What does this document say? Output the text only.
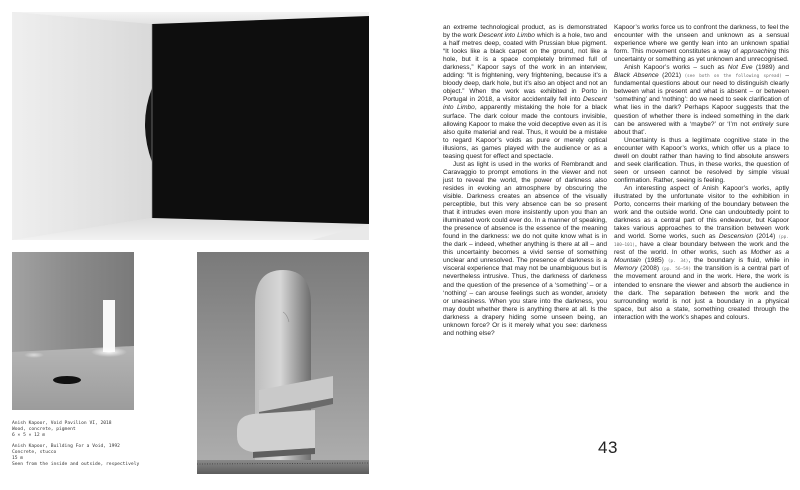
Anish Kapoor, Void Pavilion VI, 2018

Wood, concrete, pigment

6 × 5 × 12 m

Anish Kapoor, Building For a Void, 1992

Concrete, stucco

15 m

Seen from the inside and outside, respectively

an extreme technological product, as is demonstrated by the work Descent into Limbo which is a hole, two and a half metres deep, coated with Prussian blue pigment. “It looks like a black carpet on the ground, not like a hole, but it is a space completely brimmed full of darkness,” Kapoor says of the work in an interview, adding: “It is frightening, very frightening, because it’s a bloody deep, dark hole, but it’s also an object and not an object.” When the work was exhibited in Porto in Portugal in 2018, a visitor accidentally fell into Descent into Limbo, apparently mistaking the hole for a black surface. The dark colour made the contours invisible, allowing Kapoor to make the void deceptive even as it is also quite material and real. Thus, it would be a mistake to regard Kapoor’s voids as pure or merely optical illusions, as games played with the audience or as a teasing quest for effect and spectacle.

Just as light is used in the works of Rembrandt and Caravaggio to prompt emotions in the viewer and not just to reveal the world, the power of darkness also resides in evoking an atmosphere by obscuring the visible. Darkness creates an absence of the visually perceptible, but this very absence can be so present that it intrudes even more insistently upon you than an illuminated work could ever do. In a manner of speaking, the presence of absence is the essence of the meaning found in the darkness: we do not quite know what is in the dark – indeed, whether anything is there at all – and this uncertainty becomes a vivid sense of something unclear and unresolved. The presence of darkness is a visceral experience that may not be unambiguous but is nevertheless intrusive. Thus, the darkness of darkness and the question of the presence of a ‘something’ – or a ‘nothing’ – can arouse feelings such as wonder, anxiety or uneasiness. When you stare into the darkness, you may doubt whether there is anything there at all. Is the darkness a drapery hiding some unseen being, an unknown force? Or is it merely what you see: darkness and nothing else?

Kapoor’s works force us to confront the darkness, to feel the encounter with the unseen and unknown as a sensual experience where we gently lean into an unknown spatial form. This movement constitutes a way of approaching this uncertainty or something as yet unknown and unrecognised.

Anish Kapoor’s works – such as Not Eve (1989) and Black Absence (2021) (see both on the following spread) – fundamental questions about our need to distinguish clearly between what is present and what is absent – or between ‘something’ and ‘nothing’: do we need to seek clarification of what lies in the dark? Perhaps Kapoor suggests that the question of whether there is indeed something in the dark can be answered with a ‘maybe?’ or ‘I’m not entirely sure about that’.

Uncertainty is thus a legitimate cognitive state in the encounter with Kapoor’s works, which offer us a place to dwell on doubt rather than having to find absolute answers and seek clarification. Thus, in these works, the question of seen or unseen cannot be resolved by simple visual confirmation. Rather, seeing is feeling.

An interesting aspect of Anish Kapoor’s works, aptly illustrated by the unfortunate visitor to the exhibition in Porto, concerns their marking of the boundary between the work and the outside world. One can undoubtedly point to darkness as a central part of this endeavour, but Kapoor takes various approaches to the transition between work and world. Some works, such as Descension (2014) (pp. 100–101), have a clear boundary between the work and the rest of the world. In other works, such as Mother as a Mountain (1985) (p. 34), the boundary is fluid, while in Memory (2008) (pp. 56–59) the transition is a central part of the movement around and in the work. Here, the work is intended to ensnare the viewer and absorb the audience in the dark. The separation between the work and the surrounding world is not just a boundary in a physical space, but also a state, something created through the interaction with the work’s shapes and colours.

43
